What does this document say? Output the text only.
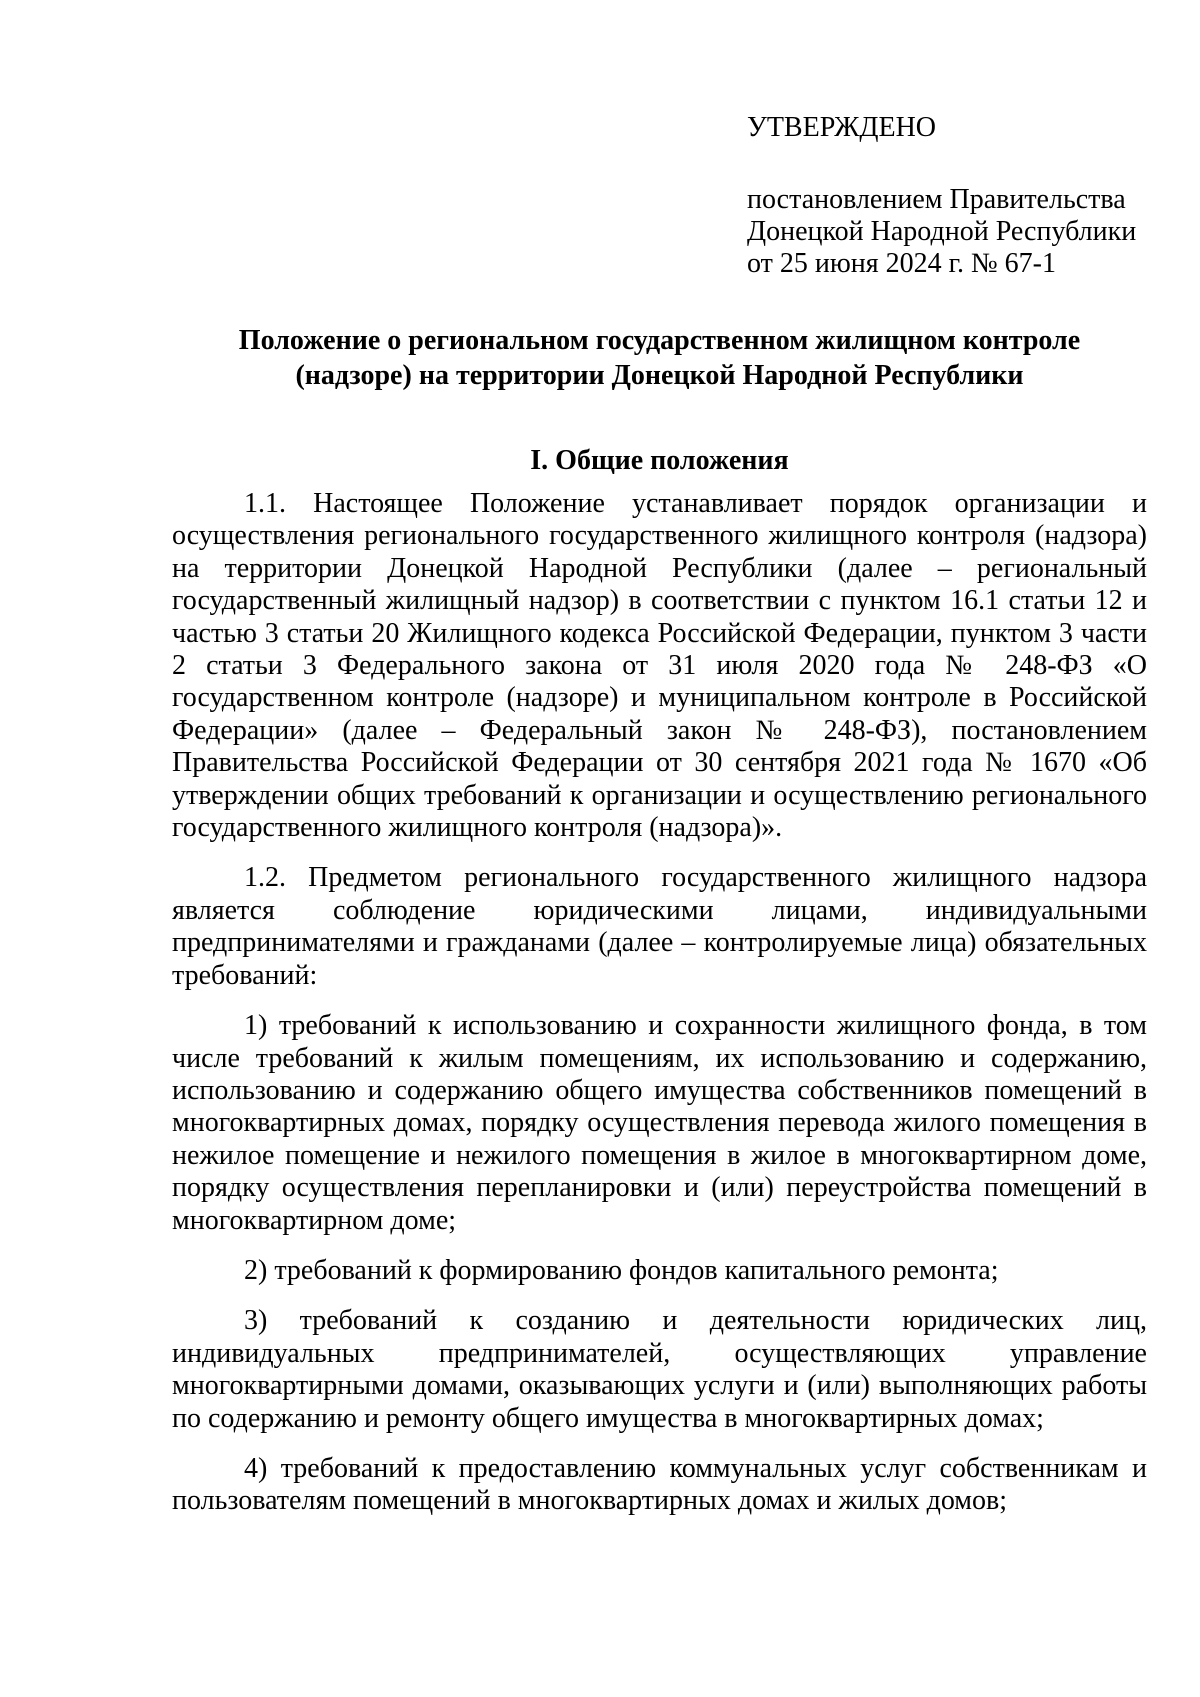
УТВЕРЖДЕНО
постановлением Правительства
Донецкой Народной Республики
от 25 июня 2024 г. № 67-1
Положение о региональном государственном жилищном контроле
(надзоре) на территории Донецкой Народной Республики
I. Общие положения

1.1. Настоящее Положение устанавливает порядок организации и осуществления регионального государственного жилищного контроля (надзора) на территории Донецкой Народной Республики (далее – региональный государственный жилищный надзор) в соответствии с пунктом 16.1 статьи 12 и частью 3 статьи 20 Жилищного кодекса Российской Федерации, пунктом 3 части 2 статьи 3 Федерального закона от 31 июля 2020 года № 248-ФЗ «О государственном контроле (надзоре) и муниципальном контроле в Российской Федерации» (далее – Федеральный закон № 248-ФЗ), постановлением Правительства Российской Федерации от 30 сентября 2021 года № 1670 «Об утверждении общих требований к организации и осуществлению регионального государственного жилищного контроля (надзора)».

1.2. Предметом регионального государственного жилищного надзора является соблюдение юридическими лицами, индивидуальными предпринимателями и гражданами (далее – контролируемые лица) обязательных требований:

1) требований к использованию и сохранности жилищного фонда, в том числе требований к жилым помещениям, их использованию и содержанию, использованию и содержанию общего имущества собственников помещений в многоквартирных домах, порядку осуществления перевода жилого помещения в нежилое помещение и нежилого помещения в жилое в многоквартирном доме, порядку осуществления перепланировки и (или) переустройства помещений в многоквартирном доме;

2) требований к формированию фондов капитального ремонта;

3) требований к созданию и деятельности юридических лиц, индивидуальных предпринимателей, осуществляющих управление многоквартирными домами, оказывающих услуги и (или) выполняющих работы по содержанию и ремонту общего имущества в многоквартирных домах;

4) требований к предоставлению коммунальных услуг собственникам и пользователям помещений в многоквартирных домах и жилых домов;
